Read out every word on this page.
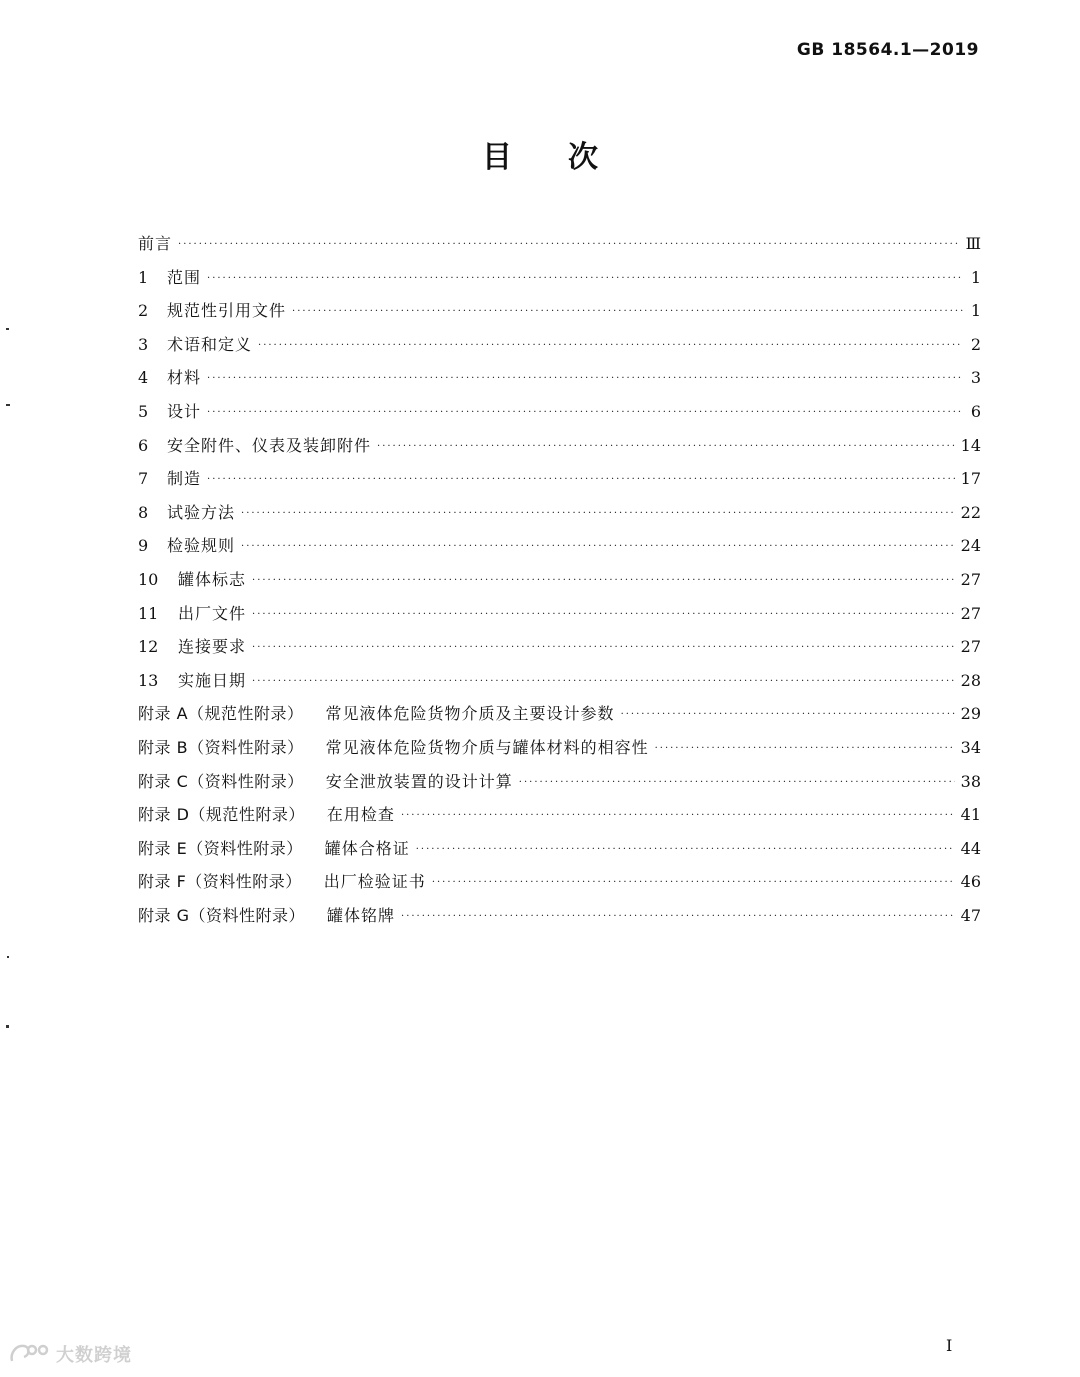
GB 18564.1—2019
目 次
前言 ·····	Ⅲ
1	范围 ·····	1
2	规范性引用文件 ·····	1
3	术语和定义 ·····	2
4	材料 ·····	3
5	设计 ·····	6
6	安全附件、仪表及装卸附件 ·····	14
7	制造 ·····	17
8	试验方法 ·····	22
9	检验规则 ·····	24
10	罐体标志 ·····	27
11	出厂文件 ·····	27
12	连接要求 ·····	27
13	实施日期 ·····	28
附录 A（规范性附录） 常见液体危险货物介质及主要设计参数 ·····	29
附录 B（资料性附录） 常见液体危险货物介质与罐体材料的相容性 ·····	34
附录 C（资料性附录） 安全泄放装置的设计计算 ·····	38
附录 D（规范性附录） 在用检查 ·····	41
附录 E（资料性附录） 罐体合格证 ·····	44
附录 F（资料性附录） 出厂检验证书 ·····	46
附录 G（资料性附录） 罐体铭牌 ·····	47
I
大数跨境
